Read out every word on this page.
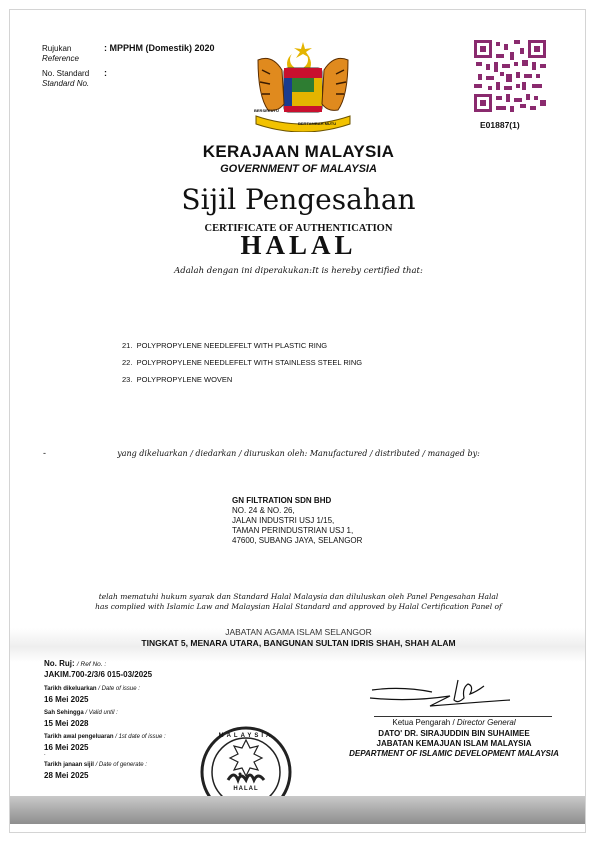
Rujukan
Reference
: MPPHM (Domestik) 2020
No. Standard
Standard No.
:
BERSEKUTU
BERTAMBAH MUTU	E01887(1)
KERAJAAN MALAYSIA
GOVERNMENT OF MALAYSIA
Sijil Pengesahan
CERTIFICATE OF AUTHENTICATION
HALAL
Adalah dengan ini diperakukan:It is hereby certified that:
21. POLYPROPYLENE NEEDLEFELT WITH PLASTIC RING
22. POLYPROPYLENE NEEDLEFELT WITH STAINLESS STEEL RING
23. POLYPROPYLENE WOVEN
-	yang dikeluarkan / diedarkan / diuruskan oleh: Manufactured / distributed / managed by:
GN FILTRATION SDN BHD
NO. 24 & NO. 26,
JALAN INDUSTRI USJ 1/15,
TAMAN PERINDUSTRIAN USJ 1,
47600, SUBANG JAYA, SELANGOR
telah mematuhi hukum syarak dan Standard Halal Malaysia dan diluluskan oleh Panel Pengesahan Halal
has complied with Islamic Law and Malaysian Halal Standard and approved by Halal Certification Panel of
JABATAN AGAMA ISLAM SELANGOR
TINGKAT 5, MENARA UTARA, BANGUNAN SULTAN IDRIS SHAH, SHAH ALAM
No. Ruj: / Ref No. :
JAKIM.700-2/3/6 015-03/2025
Tarikh dikeluarkan / Date of issue :
16 Mei 2025
Sah Sehingga / Valid until :
15 Mei 2028
Tarikh awal pengeluaran / 1st date of issue :
16 Mei 2025
.
Tarikh janaan sijil / Date of generate :
28 Mei 2025
MALAYSIA
HALAL
Ketua Pengarah / Director General
DATO' DR. SIRAJUDDIN BIN SUHAIMEE
JABATAN KEMAJUAN ISLAM MALAYSIA
DEPARTMENT OF ISLAMIC DEVELOPMENT MALAYSIA
